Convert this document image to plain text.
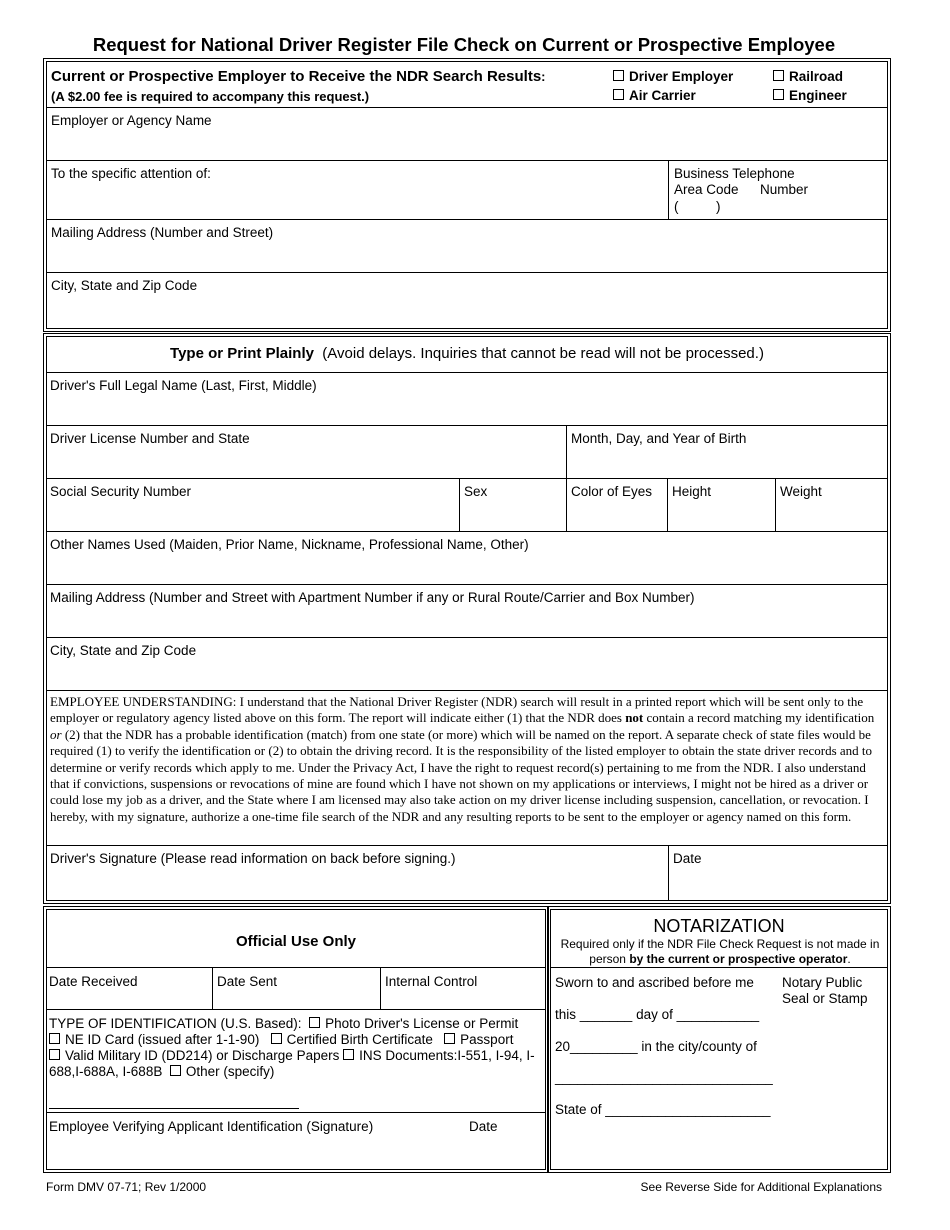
Request for National Driver Register File Check on Current or Prospective Employee
Current or Prospective Employer to Receive the NDR Search Results:
(A $2.00 fee is required to accompany this request.)
Driver Employer	Railroad
Air Carrier	Engineer
Employer or Agency Name
To the specific attention of:	Business Telephone
Area Code Number
(          )
Mailing Address (Number and Street)
City, State and Zip Code
Type or Print Plainly (Avoid delays. Inquiries that cannot be read will not be processed.)
Driver's Full Legal Name (Last, First, Middle)
Driver License Number and State	Month, Day, and Year of Birth
Social Security Number	Sex	Color of Eyes Height	Weight
Other Names Used (Maiden, Prior Name, Nickname, Professional Name, Other)
Mailing Address (Number and Street with Apartment Number if any or Rural Route/Carrier and Box Number)
City, State and Zip Code
EMPLOYEE UNDERSTANDING: I understand that the National Driver Register (NDR) search will result in a printed report which will be sent only to the employer or regulatory agency listed above on this form. The report will indicate either (1) that the NDR does not contain a record matching my identification or (2) that the NDR has a probable identification (match) from one state (or more) which will be named on the report. A separate check of state files would be required (1) to verify the identification or (2) to obtain the driving record. It is the responsibility of the listed employer to obtain the state driver records and to determine or verify records which apply to me. Under the Privacy Act, I have the right to request record(s) pertaining to me from the NDR. I also understand that if convictions, suspensions or revocations of mine are found which I have not shown on my applications or interviews, I might not be hired as a driver or could lose my job as a driver, and the State where I am licensed may also take action on my driver license including suspension, cancellation, or revocation. I hereby, with my signature, authorize a one-time file search of the NDR and any resulting reports to be sent to the employer or agency named on this form.
Driver's Signature (Please read information on back before signing.)	Date
Official Use Only
Date Received	Date Sent	Internal Control
TYPE OF IDENTIFICATION (U.S. Based): Photo Driver's License or Permit
NE ID Card (issued after 1-1-90) Certified Birth Certificate Passport
Valid Military ID (DD214) or Discharge Papers INS Documents:I-551, I-94, I-688,I-688A, I-688B Other (specify)
Employee Verifying Applicant Identification (Signature)	Date
NOTARIZATION
Required only if the NDR File Check Request is not made in person by the current or prospective operator.
Sworn to and ascribed before me Notary Public Seal or Stamp
this _______ day of ___________
20_________ in the city/county of
_____________________________
State of ______________________
Form DMV 07-71; Rev 1/2000	See Reverse Side for Additional Explanations
